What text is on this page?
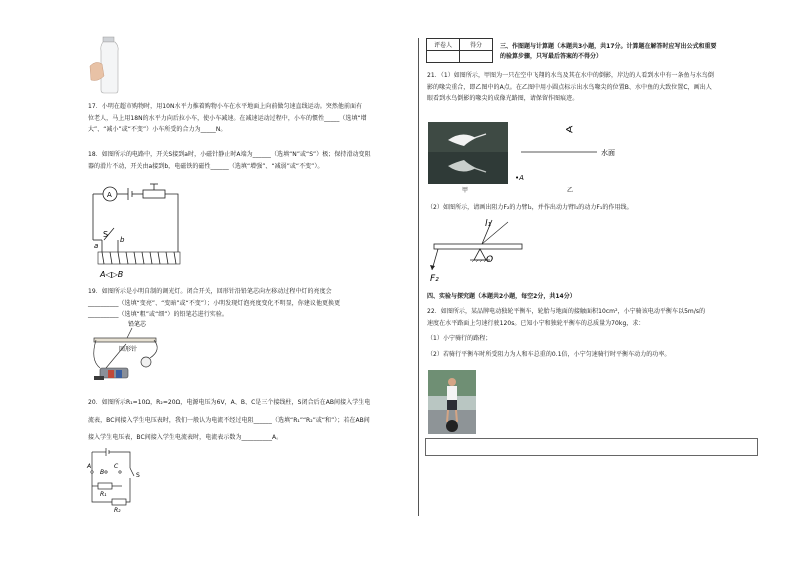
17．小明在超市购物时，用10N水平力推着购物小车在水平地面上向前做匀速直线运动。突然他前面有
位老人，马上用18N的水平力向后拉小车，使小车减速。在减速运动过程中，小车的惯性_____（选填“增
大”、“减小”或“不变”）小车所受的合力为_____N。
18．如图所示的电路中，开关S接到a时，小磁针静止时A端为______（选填“N”或“S”）极；保持滑动变阻
器的滑片不动，开关由a接到b，电磁铁的磁性______（选填“增强”、“减弱”或“不变”）。
A
S
a
b
A◁▷B
19．如图所示是小明自制的调光灯。闭合开关，回形针沿铅笔芯向左移动过程中灯的亮度会
__________（选填“变亮”、“变暗”或“不变”）；小明发现灯泡亮度变化不明显，你建议他更换更
__________（选填“粗”或“细”）的铅笔芯进行实验。
铅笔芯
回形针
20．如图所示R₁=10Ω，R₂=20Ω，电源电压为6V，A、B、C是三个接线柱，S闭合后在AB间接入学生电
流表，BC间接入学生电压表时，我们一般认为电流不经过电阻______（选填“R₁”“R₂”或“和”）；若在AB间
接入学生电压表，BC间接入学生电流表时，电流表示数为__________A。
A
B
C
S
R₁
R₂
评卷人	得分
		三、作图题与计算题（本题共3小题，共17分。计算题在解答时应写出公式和重要
的验算步骤，只写最后答案的不得分）
21．（1）如图所示，甲图为一只在空中飞翔的水鸟及其在水中的倒影，岸边的人看到水中有一条鱼与水鸟倒
影的喙尖重合，即乙图中的A点。在乙图中用小圆点标示出水鸟喙尖的位置B、水中鱼的大致位置C，画出人
眼看到水鸟倒影的喙尖的成像光路图，请保留作图痕迹。
∢
水面
•A
甲	乙
（2）如图所示，请画出阻力F₂的力臂l₂，并作出动力臂l₁的动力F₁的作用线。
l₁
O
F₂
四、实验与探究题（本题共2小题，每空2分，共14分）
22．如图所示，某品牌电动独轮平衡车，轮胎与地面的接触面积10cm²，小宁骑该电动平衡车以5m/s的
速度在水平路面上匀速行驶120s。已知小宁和独轮平衡车的总质量为70kg，求：
（1）小宁骑行的路程；
（2）若骑行平衡车时所受阻力为人和车总重的0.1倍，小宁匀速骑行时平衡车动力的功率。
